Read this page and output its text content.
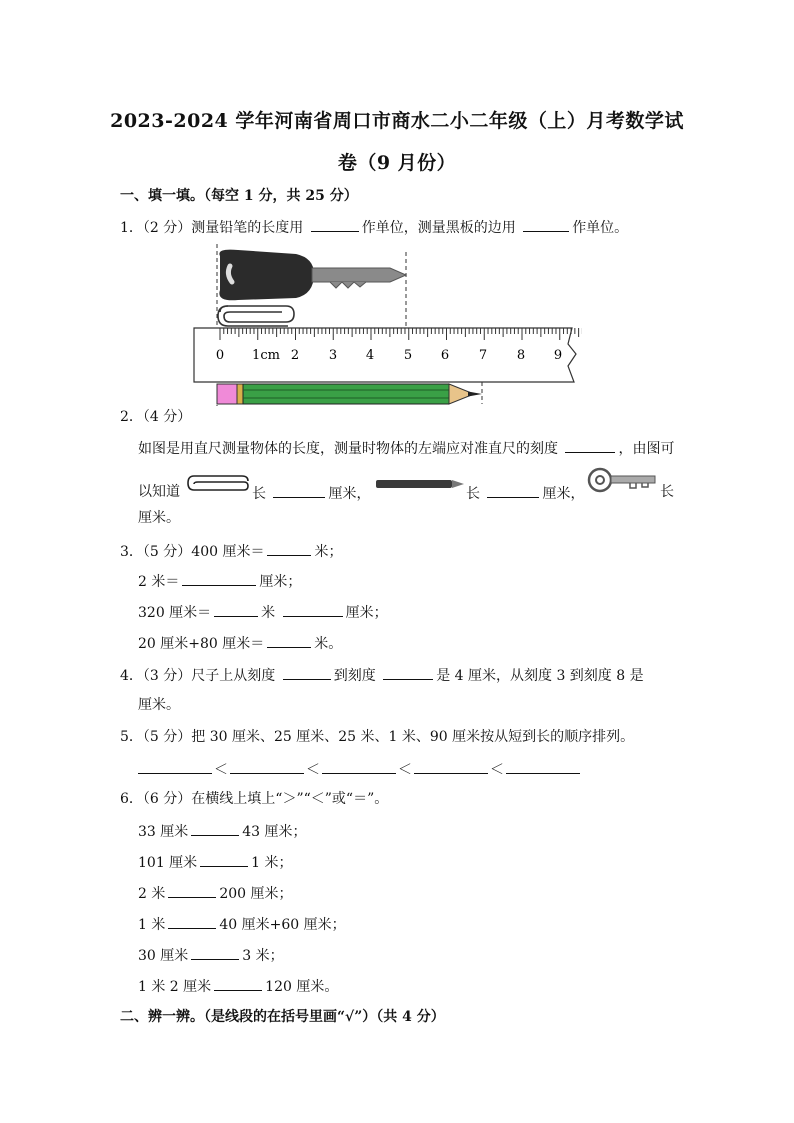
2023-2024 学年河南省周口市商水二小二年级（上）月考数学试
卷（9 月份）
一、填一填。（每空 1 分，共 25 分）
1．（2 分）测量铅笔的长度用	作单位，测量黑板的边用	作单位。
0 1cm 2 3 4 5 6 7 8 9
2．（4 分）
如图是用直尺测量物体的长度，测量时物体的左端应对准直尺的刻度	，由图可
以知道	长	厘米，	长	厘米，	长
厘米。
3．（5 分）400 厘米＝	米；
2 米＝	厘米；
320 厘米＝	米	厘米；
20 厘米+80 厘米＝	米。
4．（3 分）尺子上从刻度	到刻度	是 4 厘米，从刻度 3 到刻度 8 是
厘米。
5．（5 分）把 30 厘米、25 厘米、25 米、1 米、90 厘米按从短到长的顺序排列。
＜	＜	＜	＜
6．（6 分）在横线上填上“＞”“＜”或“＝”。
33 厘米	43 厘米；
101 厘米	1 米；
2 米	200 厘米；
1 米	40 厘米+60 厘米；
30 厘米	3 米；
1 米 2 厘米	120 厘米。
二、辨一辨。（是线段的在括号里画“√”）（共 4 分）
